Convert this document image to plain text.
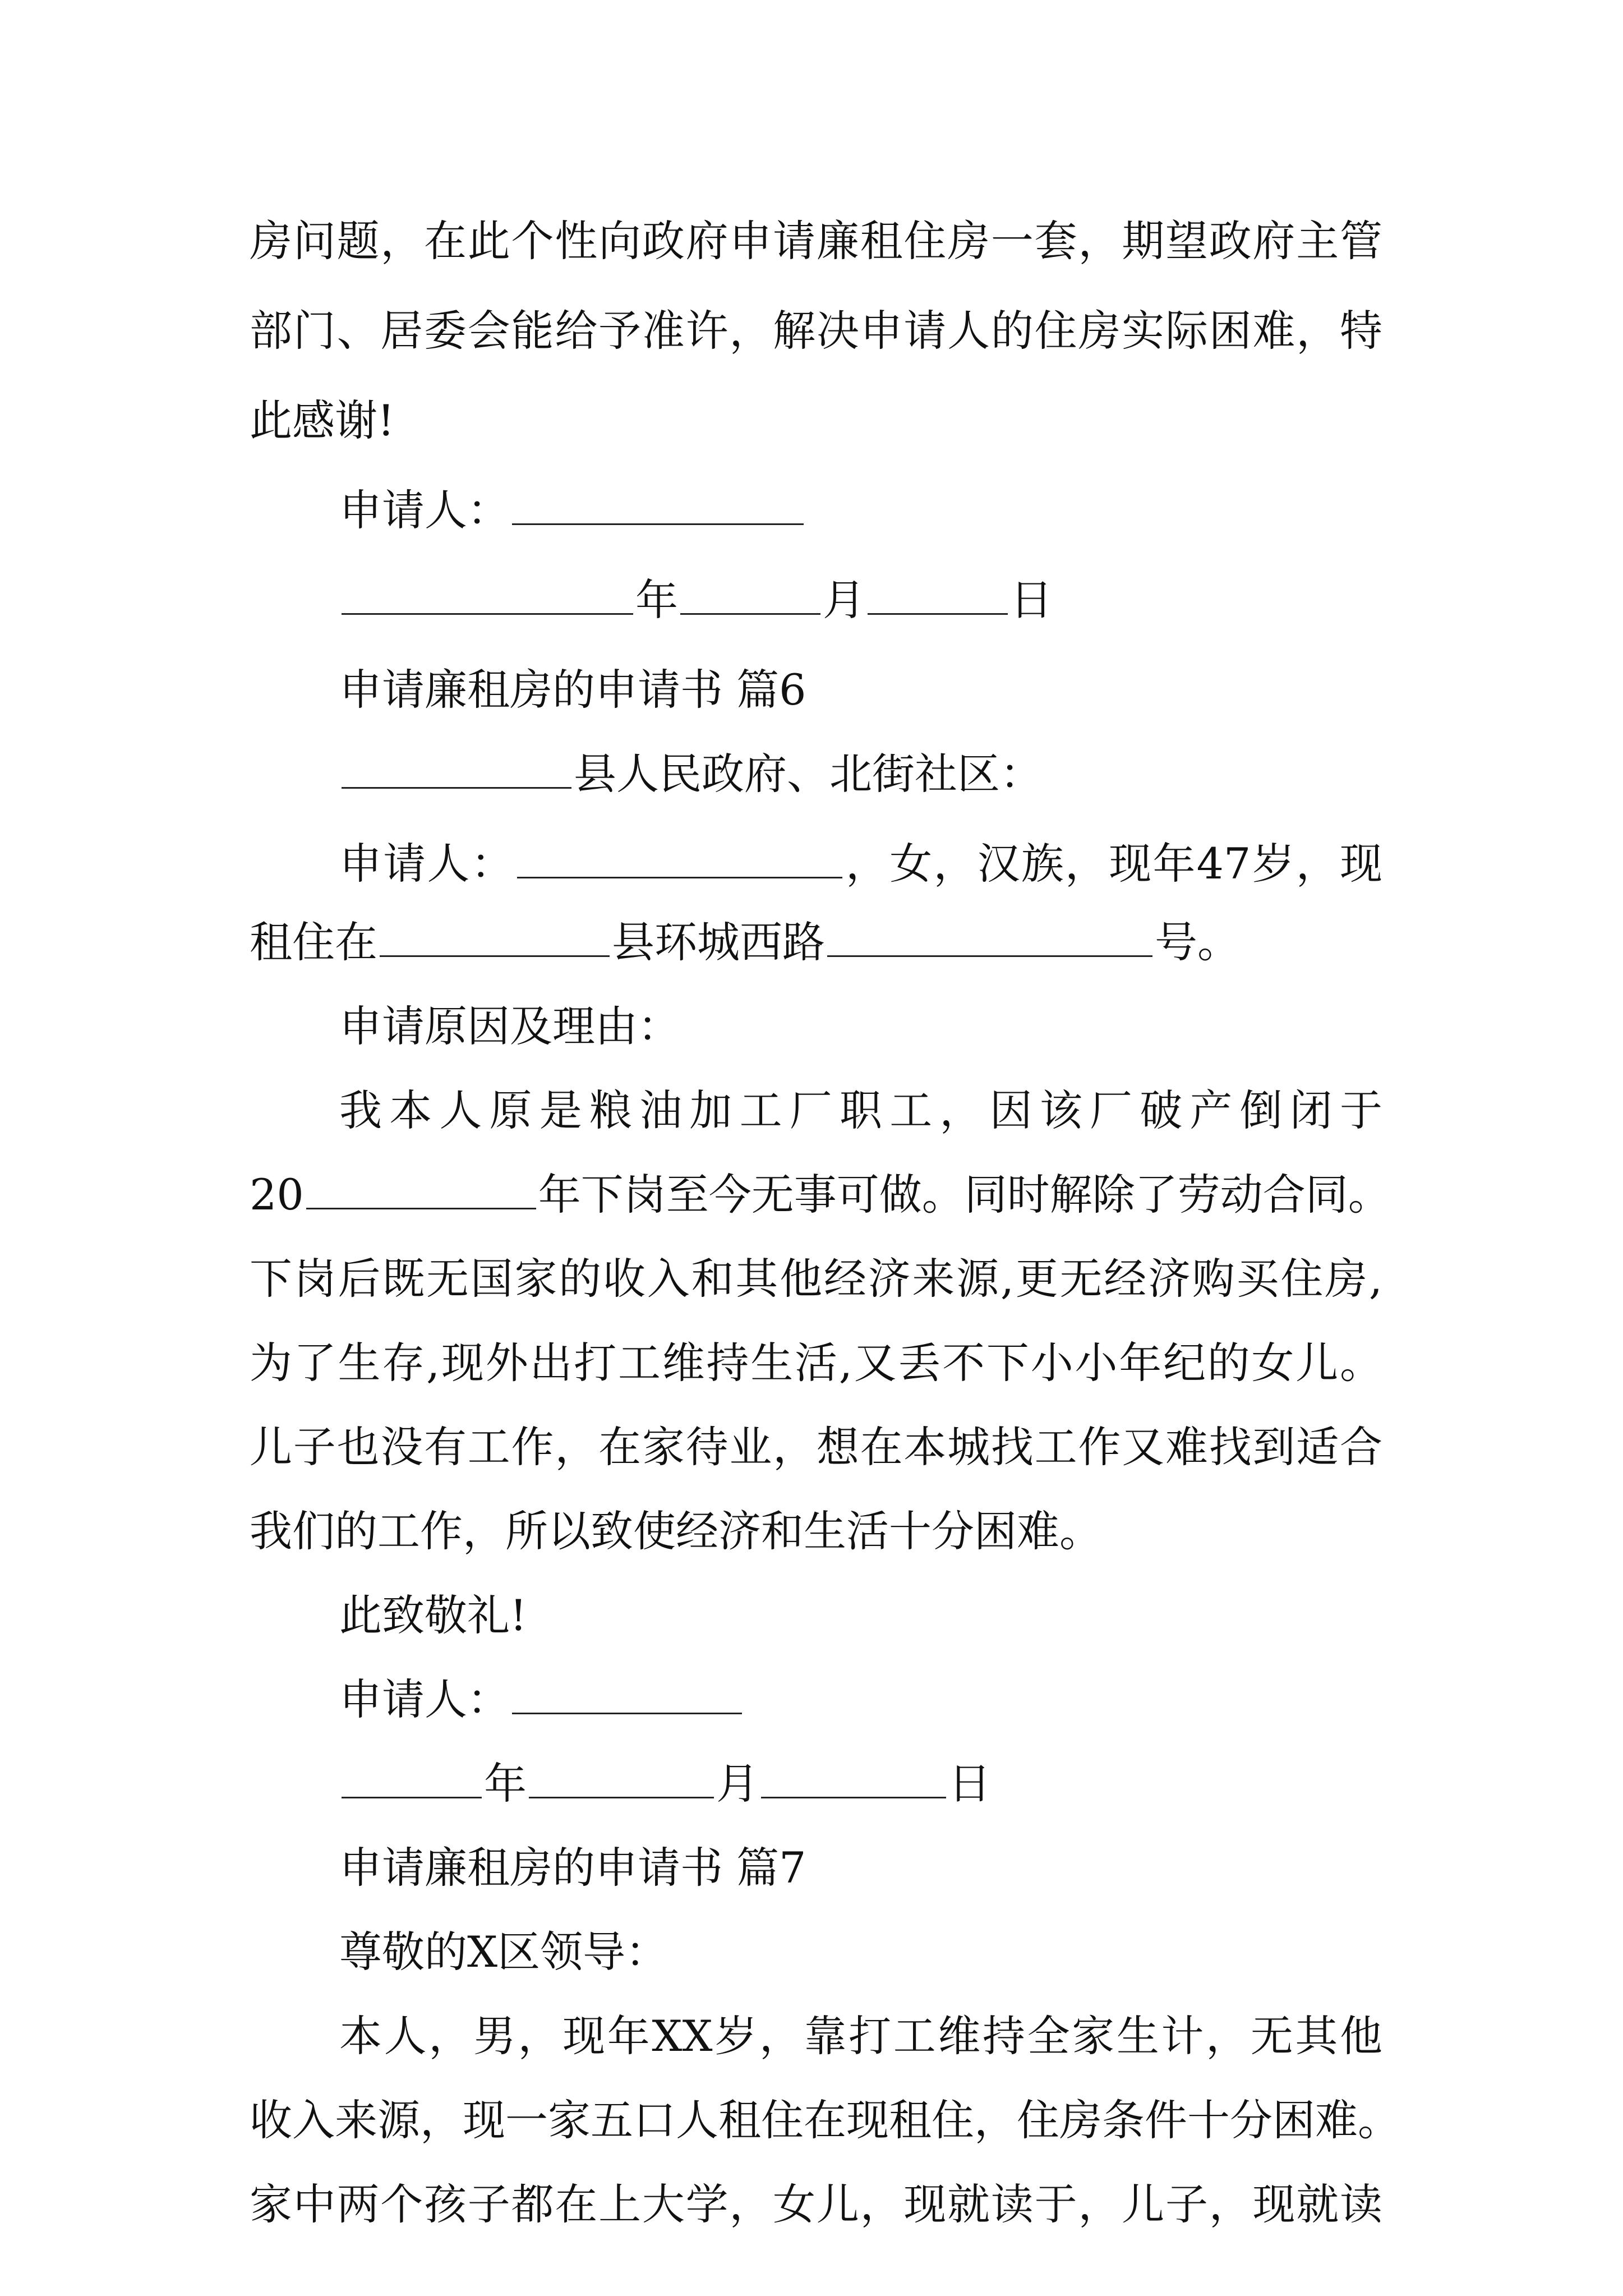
房问题，在此个性向政府申请廉租住房一套，期望政府主管
部门、居委会能给予准许，解决申请人的住房实际困难，特
此感谢!
申请人：
年	月	日
申请廉租房的申请书 篇6
县人民政府、北街社区：
申请人：	，女，汉族，现年47岁，现
租住在	县环城西路	号。
申请原因及理由：
我本人原是粮油加工厂职工，因该厂破产倒闭于
20	年下岗至今无事可做。同时解除了劳动合同。
下岗后既无国家的收入和其他经济来源,更无经济购买住房,
为了生存,现外出打工维持生活,又丢不下小小年纪的女儿。
儿子也没有工作，在家待业，想在本城找工作又难找到适合
我们的工作，所以致使经济和生活十分困难。
此致敬礼!
申请人：
年	月	日
申请廉租房的申请书 篇7
尊敬的X区领导：
本人，男，现年XX岁，靠打工维持全家生计，无其他
收入来源，现一家五口人租住在现租住，住房条件十分困难。
家中两个孩子都在上大学，女儿，现就读于，儿子，现就读
